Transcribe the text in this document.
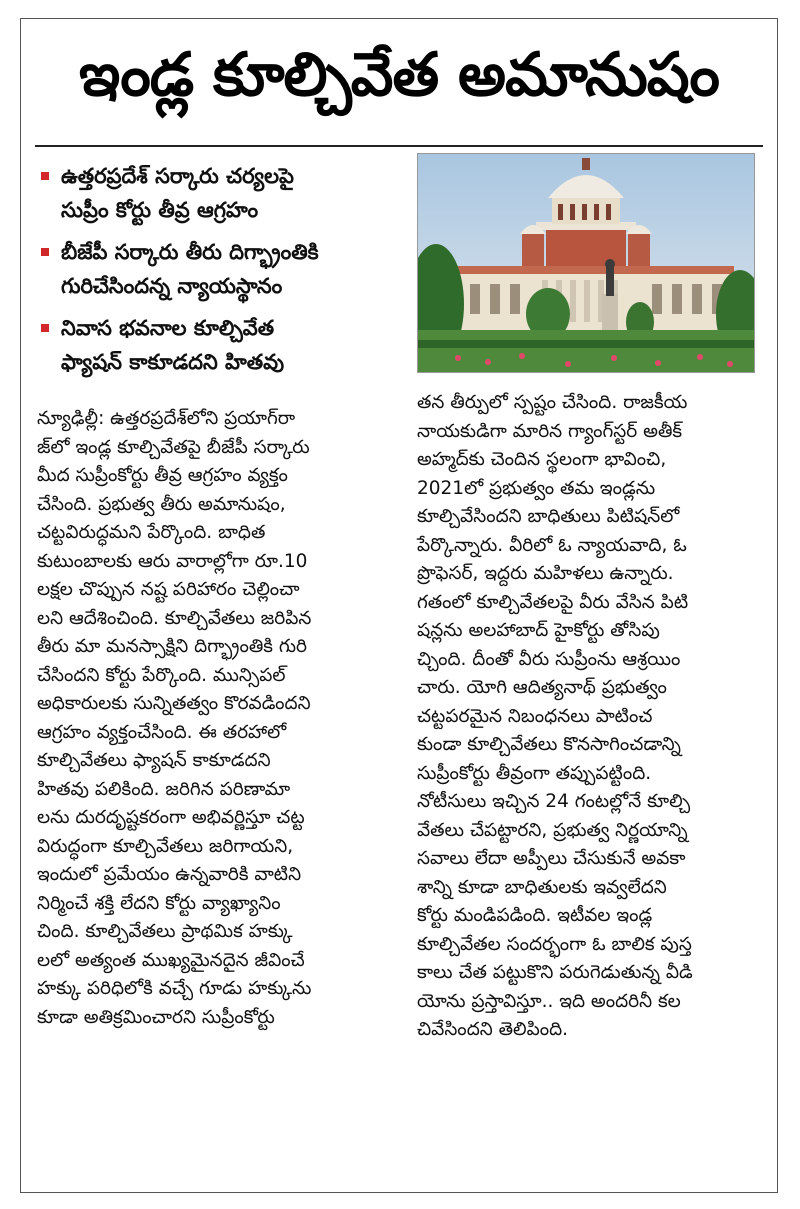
ఇండ్ల కూల్చివేత అమానుషం
ఉత్తరప్రదేశ్ సర్కారు చర్యలపై
సుప్రీం కోర్టు తీవ్ర ఆగ్రహం
బీజేపీ సర్కారు తీరు దిగ్భ్రాంతికి
గురిచేసిందన్న న్యాయస్థానం
నివాస భవనాల కూల్చివేత
ఫ్యాషన్ కాకూడదని హితవు
న్యూఢిల్లీ: ఉత్తరప్రదేశ్‌లోని ప్రయాగ్‌రా
జ్‌లో ఇండ్ల కూల్చివేతపై బీజేపీ సర్కారు
మీద సుప్రీంకోర్టు తీవ్ర ఆగ్రహం వ్యక్తం
చేసింది. ప్రభుత్వ తీరు అమానుషం,
చట్టవిరుద్ధమని పేర్కొంది. బాధిత
కుటుంబాలకు ఆరు వారాల్లోగా రూ.10
లక్షల చొప్పున నష్ట పరిహారం చెల్లించా
లని ఆదేశించింది. కూల్చివేతలు జరిపిన
తీరు మా మనస్సాక్షిని దిగ్భ్రాంతికి గురి
చేసిందని కోర్టు పేర్కొంది. మున్సిపల్
అధికారులకు సున్నితత్వం కొరవడిందని
ఆగ్రహం వ్యక్తంచేసింది. ఈ తరహాలో
కూల్చివేతలు ఫ్యాషన్ కాకూడదని
హితవు పలికింది. జరిగిన పరిణామా
లను దురదృష్టకరంగా అభివర్ణిస్తూ చట్ట
విరుద్ధంగా కూల్చివేతలు జరిగాయని,
ఇందులో ప్రమేయం ఉన్నవారికి వాటిని
నిర్మించే శక్తి లేదని కోర్టు వ్యాఖ్యానిం
చింది. కూల్చివేతలు ప్రాథమిక హక్కు
లలో అత్యంత ముఖ్యమైనదైన జీవించే
హక్కు పరిధిలోకి వచ్చే గూడు హక్కును
కూడా అతిక్రమించారని సుప్రీంకోర్టు
తన తీర్పులో స్పష్టం చేసింది. రాజకీయ
నాయకుడిగా మారిన గ్యాంగ్‌స్టర్ అతీక్
అహ్మద్‌కు చెందిన స్థలంగా భావించి,
2021లో ప్రభుత్వం తమ ఇండ్లను
కూల్చివేసిందని బాధితులు పిటిషన్‌లో
పేర్కొన్నారు. వీరిలో ఓ న్యాయవాది, ఓ
ప్రొఫెసర్, ఇద్దరు మహిళలు ఉన్నారు.
గతంలో కూల్చివేతలపై వీరు వేసిన పిటి
షన్లను అలహాబాద్ హైకోర్టు తోసిపు
చ్చింది. దీంతో వీరు సుప్రీంను ఆశ్రయిం
చారు. యోగి ఆదిత్యనాథ్ ప్రభుత్వం
చట్టపరమైన నిబంధనలు పాటించ
కుండా కూల్చివేతలు కొనసాగించడాన్ని
సుప్రీంకోర్టు తీవ్రంగా తప్పుపట్టింది.
నోటీసులు ఇచ్చిన 24 గంటల్లోనే కూల్చి
వేతలు చేపట్టారని, ప్రభుత్వ నిర్ణయాన్ని
సవాలు లేదా అప్పీలు చేసుకునే అవకా
శాన్ని కూడా బాధితులకు ఇవ్వలేదని
కోర్టు మండిపడింది. ఇటీవల ఇండ్ల
కూల్చివేతల సందర్భంగా ఓ బాలిక పుస్త
కాలు చేత పట్టుకొని పరుగెడుతున్న వీడి
యోను ప్రస్తావిస్తూ.. ఇది అందరినీ కల
చివేసిందని తెలిపింది.
